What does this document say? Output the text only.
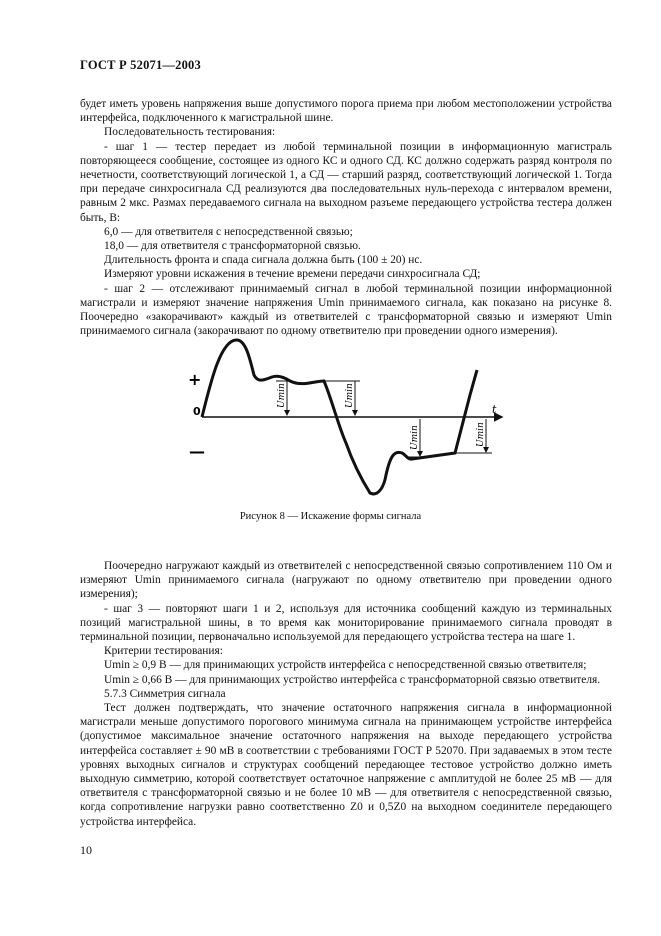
ГОСТ Р 52071—2003

будет иметь уровень напряжения выше допустимого порога приема при любом местоположении устройства интерфейса, подключенного к магистральной шине.

Последовательность тестирования:

- шаг 1 — тестер передает из любой терминальной позиции в информационную магистраль повторяющееся сообщение, состоящее из одного КС и одного СД. КС должно содержать разряд контроля по нечетности, соответствующий логической 1, а СД — старший разряд, соответствующий логической 1. Тогда при передаче синхросигнала СД реализуются два последовательных нуль-перехода с интервалом времени, равным 2 мкс. Размах передаваемого сигнала на выходном разъеме передающего устройства тестера должен быть, В:

6,0 — для ответвителя с непосредственной связью;

18,0 — для ответвителя с трансформаторной связью.

Длительность фронта и спада сигнала должна быть (100 ± 20) нс.

Измеряют уровни искажения в течение времени передачи синхросигнала СД;

- шаг 2 — отслеживают принимаемый сигнал в любой терминальной позиции информационной магистрали и измеряют значение напряжения Umin принимаемого сигнала, как показано на рисунке 8. Поочередно «закорачивают» каждый из ответвителей с трансформаторной связью и измеряют Umin принимаемого сигнала (закорачивают по одному ответвителю при проведении одного измерения).

+
—
0	t
Umin	Umin
Umin	Umin
Рисунок 8 — Искажение формы сигнала

Поочередно нагружают каждый из ответвителей с непосредственной связью сопротивлением 110 Ом и измеряют Umin принимаемого сигнала (нагружают по одному ответвителю при проведении одного измерения);

- шаг 3 — повторяют шаги 1 и 2, используя для источника сообщений каждую из терминальных позиций магистральной шины, в то время как мониторирование принимаемого сигнала проводят в терминальной позиции, первоначально используемой для передающего устройства тестера на шаге 1.

Критерии тестирования:

Umin ≥ 0,9 В — для принимающих устройств интерфейса с непосредственной связью ответвителя;

Umin ≥ 0,66 В — для принимающих устройство интерфейса с трансформаторной связью ответвителя.

5.7.3 Симметрия сигнала

Тест должен подтверждать, что значение остаточного напряжения сигнала в информационной магистрали меньше допустимого порогового минимума сигнала на принимающем устройстве интерфейса (допустимое максимальное значение остаточного напряжения на выходе передающего устройства интерфейса составляет ± 90 мВ в соответствии с требованиями ГОСТ Р 52070. При задаваемых в этом тесте уровнях выходных сигналов и структурах сообщений передающее тестовое устройство должно иметь выходную симметрию, которой соответствует остаточное напряжение с амплитудой не более 25 мВ — для ответвителя с трансформаторной связью и не более 10 мВ — для ответвителя с непосредственной связью, когда сопротивление нагрузки равно соответственно Z0 и 0,5Z0 на выходном соединителе передающего устройства интерфейса.

10
